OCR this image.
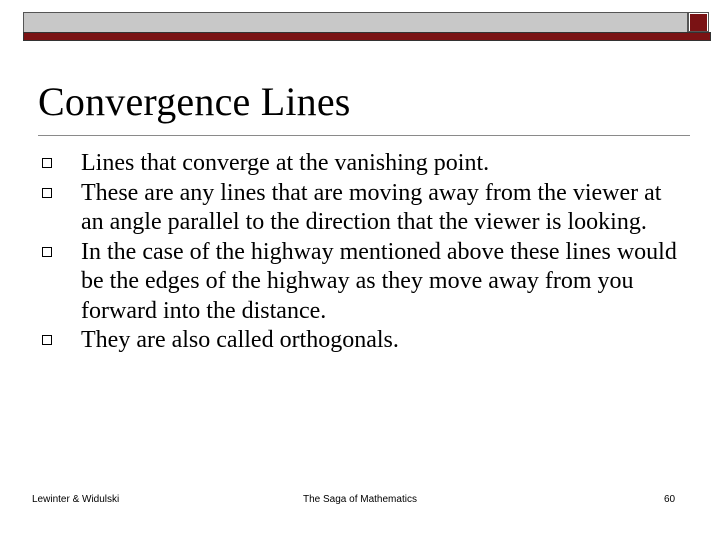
Convergence Lines
Lines that converge at the vanishing point.
These are any lines that are moving away from the viewer at an angle parallel to the direction that the viewer is looking.
In the case of the highway mentioned above these lines would be the edges of the highway as they move away from you forward into the distance.
They are also called orthogonals.
Lewinter & Widulski	The Saga of Mathematics	60
